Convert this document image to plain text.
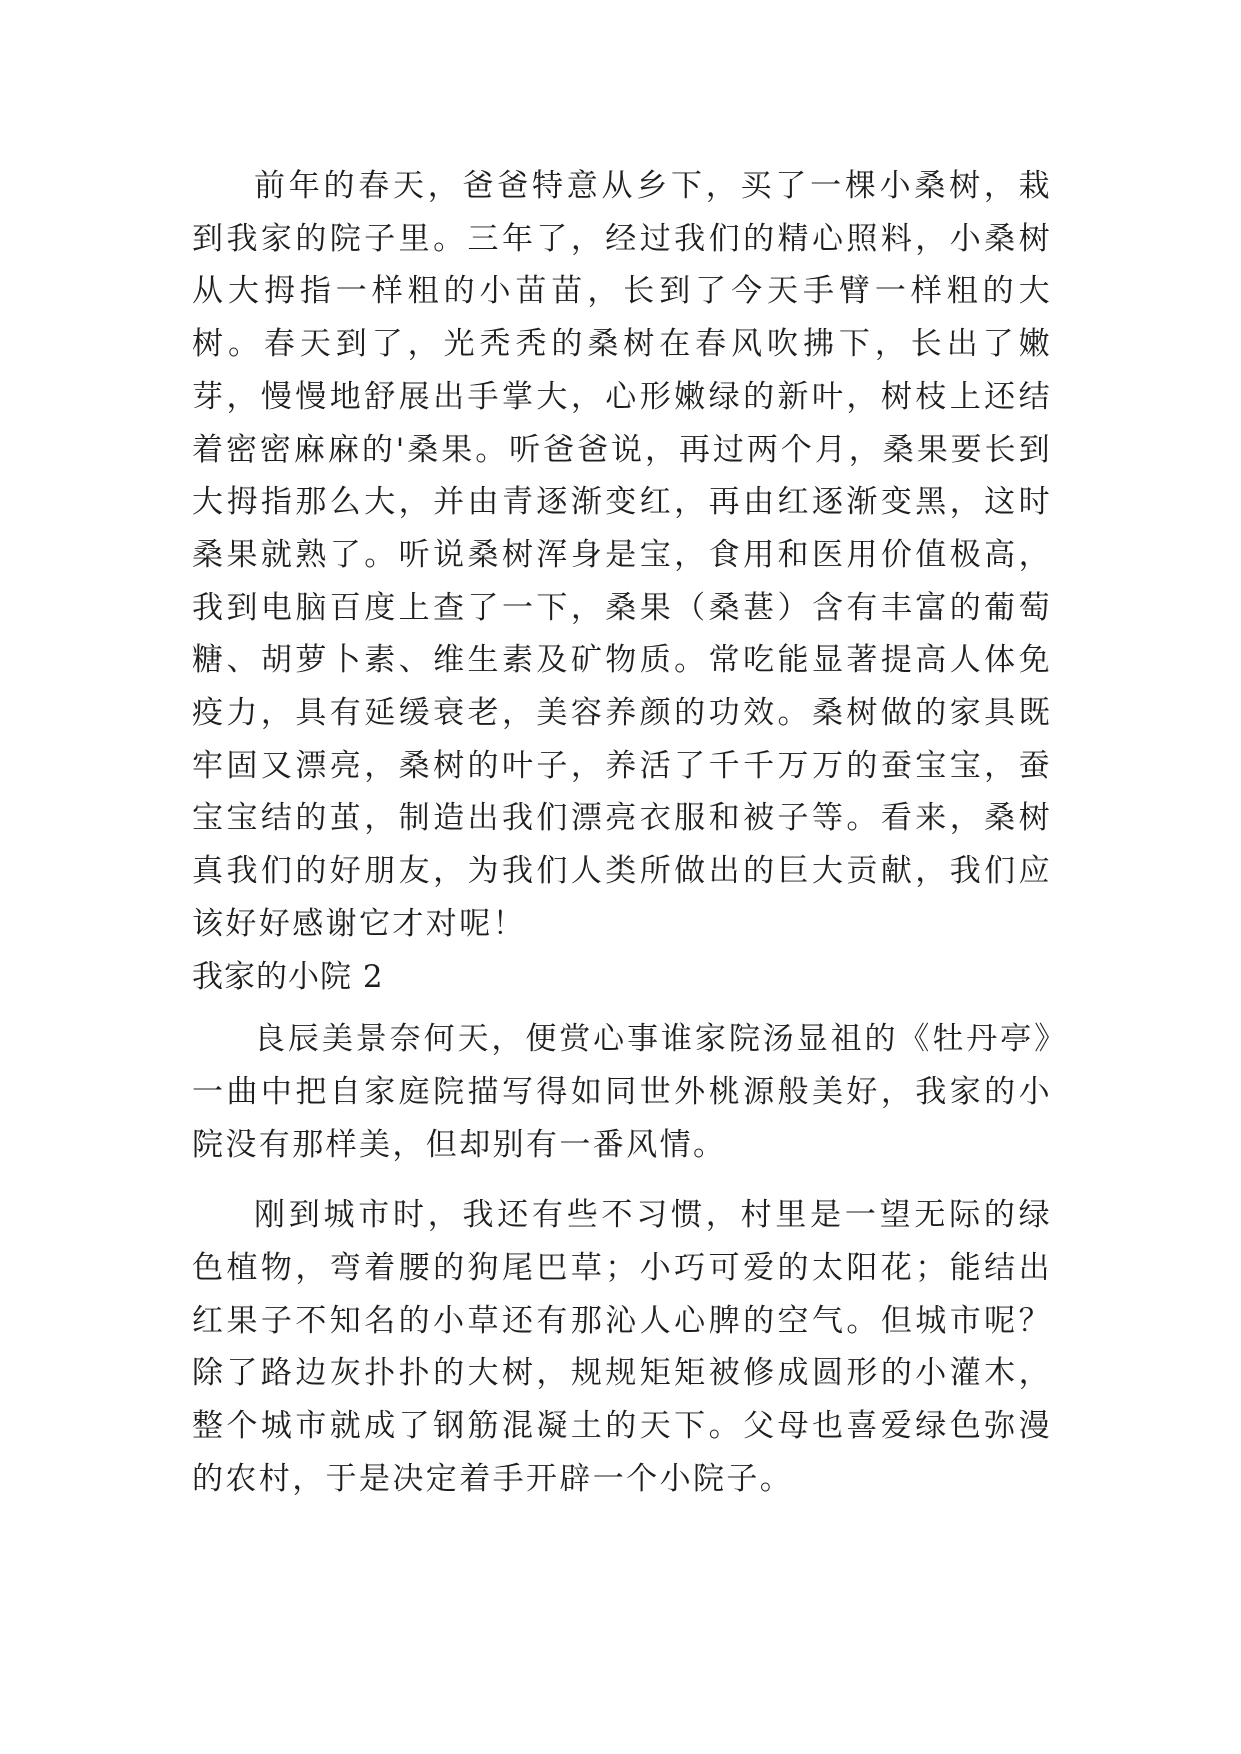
前年的春天，爸爸特意从乡下，买了一棵小桑树，栽到我家的院子里。三年了，经过我们的精心照料，小桑树从大拇指一样粗的小苗苗，长到了今天手臂一样粗的大树。春天到了，光秃秃的桑树在春风吹拂下，长出了嫩芽，慢慢地舒展出手掌大，心形嫩绿的新叶，树枝上还结着密密麻麻的'桑果。听爸爸说，再过两个月，桑果要长到大拇指那么大，并由青逐渐变红，再由红逐渐变黑，这时桑果就熟了。听说桑树浑身是宝，食用和医用价值极高，我到电脑百度上查了一下，桑果（桑葚）含有丰富的葡萄糖、胡萝卜素、维生素及矿物质。常吃能显著提高人体免疫力，具有延缓衰老，美容养颜的功效。桑树做的家具既牢固又漂亮，桑树的叶子，养活了千千万万的蚕宝宝，蚕宝宝结的茧，制造出我们漂亮衣服和被子等。看来，桑树真我们的好朋友，为我们人类所做出的巨大贡献，我们应该好好感谢它才对呢！

我家的小院 2

良辰美景奈何天，便赏心事谁家院汤显祖的《牡丹亭》一曲中把自家庭院描写得如同世外桃源般美好，我家的小院没有那样美，但却别有一番风情。

刚到城市时，我还有些不习惯，村里是一望无际的绿色植物，弯着腰的狗尾巴草；小巧可爱的太阳花；能结出红果子不知名的小草还有那沁人心脾的空气。但城市呢？除了路边灰扑扑的大树，规规矩矩被修成圆形的小灌木，整个城市就成了钢筋混凝土的天下。父母也喜爱绿色弥漫的农村，于是决定着手开辟一个小院子。
